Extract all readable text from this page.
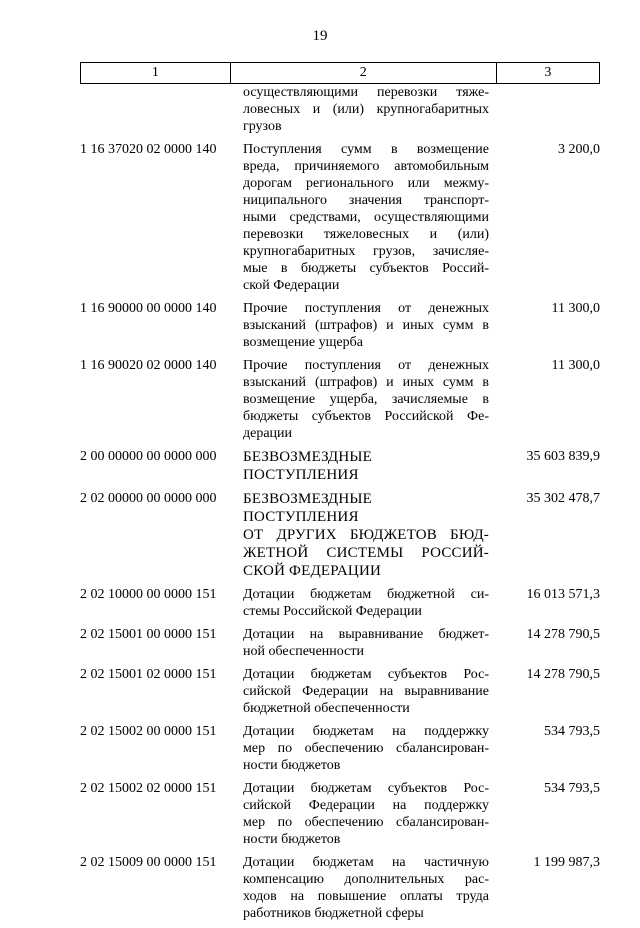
19
1	2	3
осуществляющими перевозки тяже-
ловесных и (или) крупногабаритных
грузов
1 16 37020 02 0000 140	Поступления сумм в возмещение
вреда, причиняемого автомобильным
дорогам регионального или межму-
ниципального значения транспорт-
ными средствами, осуществляющими
перевозки тяжеловесных и (или)
крупногабаритных грузов, зачисляе-
мые в бюджеты субъектов Россий-
ской Федерации
3 200,0
1 16 90000 00 0000 140	Прочие поступления от денежных
взысканий (штрафов) и иных сумм в
возмещение ущерба
11 300,0
1 16 90020 02 0000 140	Прочие поступления от денежных
взысканий (штрафов) и иных сумм в
возмещение ущерба, зачисляемые в
бюджеты субъектов Российской Фе-
дерации
11 300,0
2 00 00000 00 0000 000	БЕЗВОЗМЕЗДНЫЕ ПОСТУПЛЕНИЯ
35 603 839,9
2 02 00000 00 0000 000	БЕЗВОЗМЕЗДНЫЕ ПОСТУПЛЕНИЯ
ОТ ДРУГИХ БЮДЖЕТОВ БЮД-
ЖЕТНОЙ СИСТЕМЫ РОССИЙ-
СКОЙ ФЕДЕРАЦИИ
35 302 478,7
2 02 10000 00 0000 151	Дотации бюджетам бюджетной си-
стемы Российской Федерации
16 013 571,3
2 02 15001 00 0000 151	Дотации на выравнивание бюджет-
ной обеспеченности
14 278 790,5
2 02 15001 02 0000 151	Дотации бюджетам субъектов Рос-
сийской Федерации на выравнивание
бюджетной обеспеченности
14 278 790,5
2 02 15002 00 0000 151	Дотации бюджетам на поддержку
мер по обеспечению сбалансирован-
ности бюджетов
534 793,5
2 02 15002 02 0000 151	Дотации бюджетам субъектов Рос-
сийской Федерации на поддержку
мер по обеспечению сбалансирован-
ности бюджетов
534 793,5
2 02 15009 00 0000 151	Дотации бюджетам на частичную
компенсацию дополнительных рас-
ходов на повышение оплаты труда
работников бюджетной сферы
1 199 987,3
